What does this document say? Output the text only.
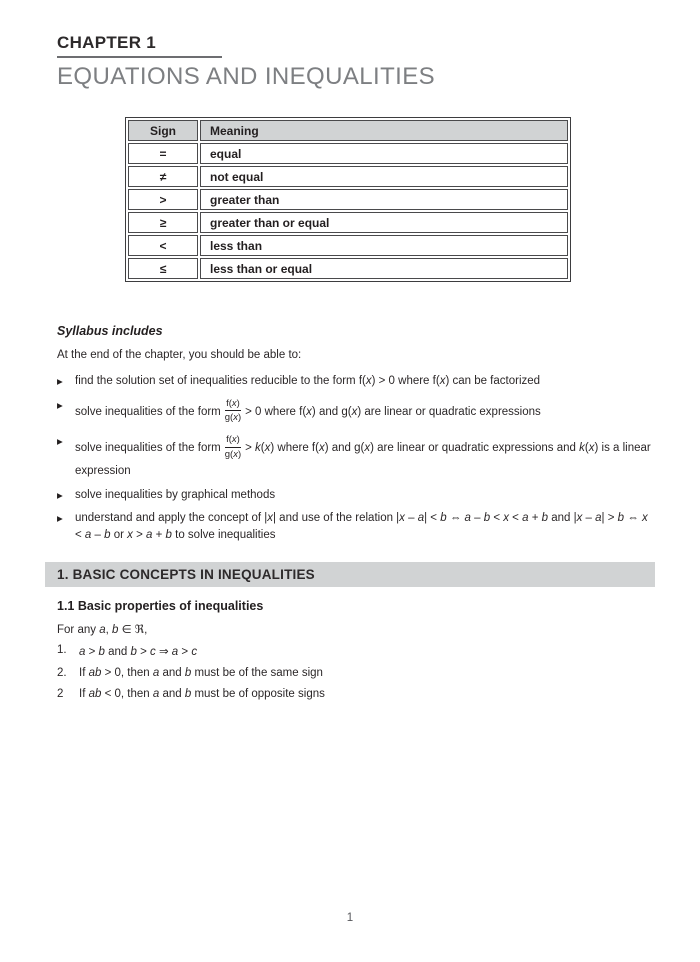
CHAPTER 1
EQUATIONS AND INEQUALITIES
Sign	Meaning
=	equal
≠	not equal
>	greater than
≥	greater than or equal
<	less than
≤	less than or equal
Syllabus includes
At the end of the chapter, you should be able to:
▶	find the solution set of inequalities reducible to the form f(x) > 0 where f(x) can be factorized
▶
solve inequalities of the form $\frac{f(x)}{g(x)} > 0$ where f(x) and g(x) are linear or quadratic expressions
▶
solve inequalities of the form $\frac{f(x)}{g(x)} > k(x)$ where f(x) and g(x) are linear or quadratic expressions and k(x) is a linear expression
▶	solve inequalities by graphical methods
▶	understand and apply the concept of |x| and use of the relation |x – a| < b ⇔ a – b < x < a + b and |x – a| > b ⇔ x < a – b or x > a + b to solve inequalities
1. BASIC CONCEPTS IN INEQUALITIES
1.1 Basic properties of inequalities
For any a, b ∈ ℜ,
1.	a > b and b > c ⇒ a > c
2.	If ab > 0, then a and b must be of the same sign
2	If ab < 0, then a and b must be of opposite signs
1
